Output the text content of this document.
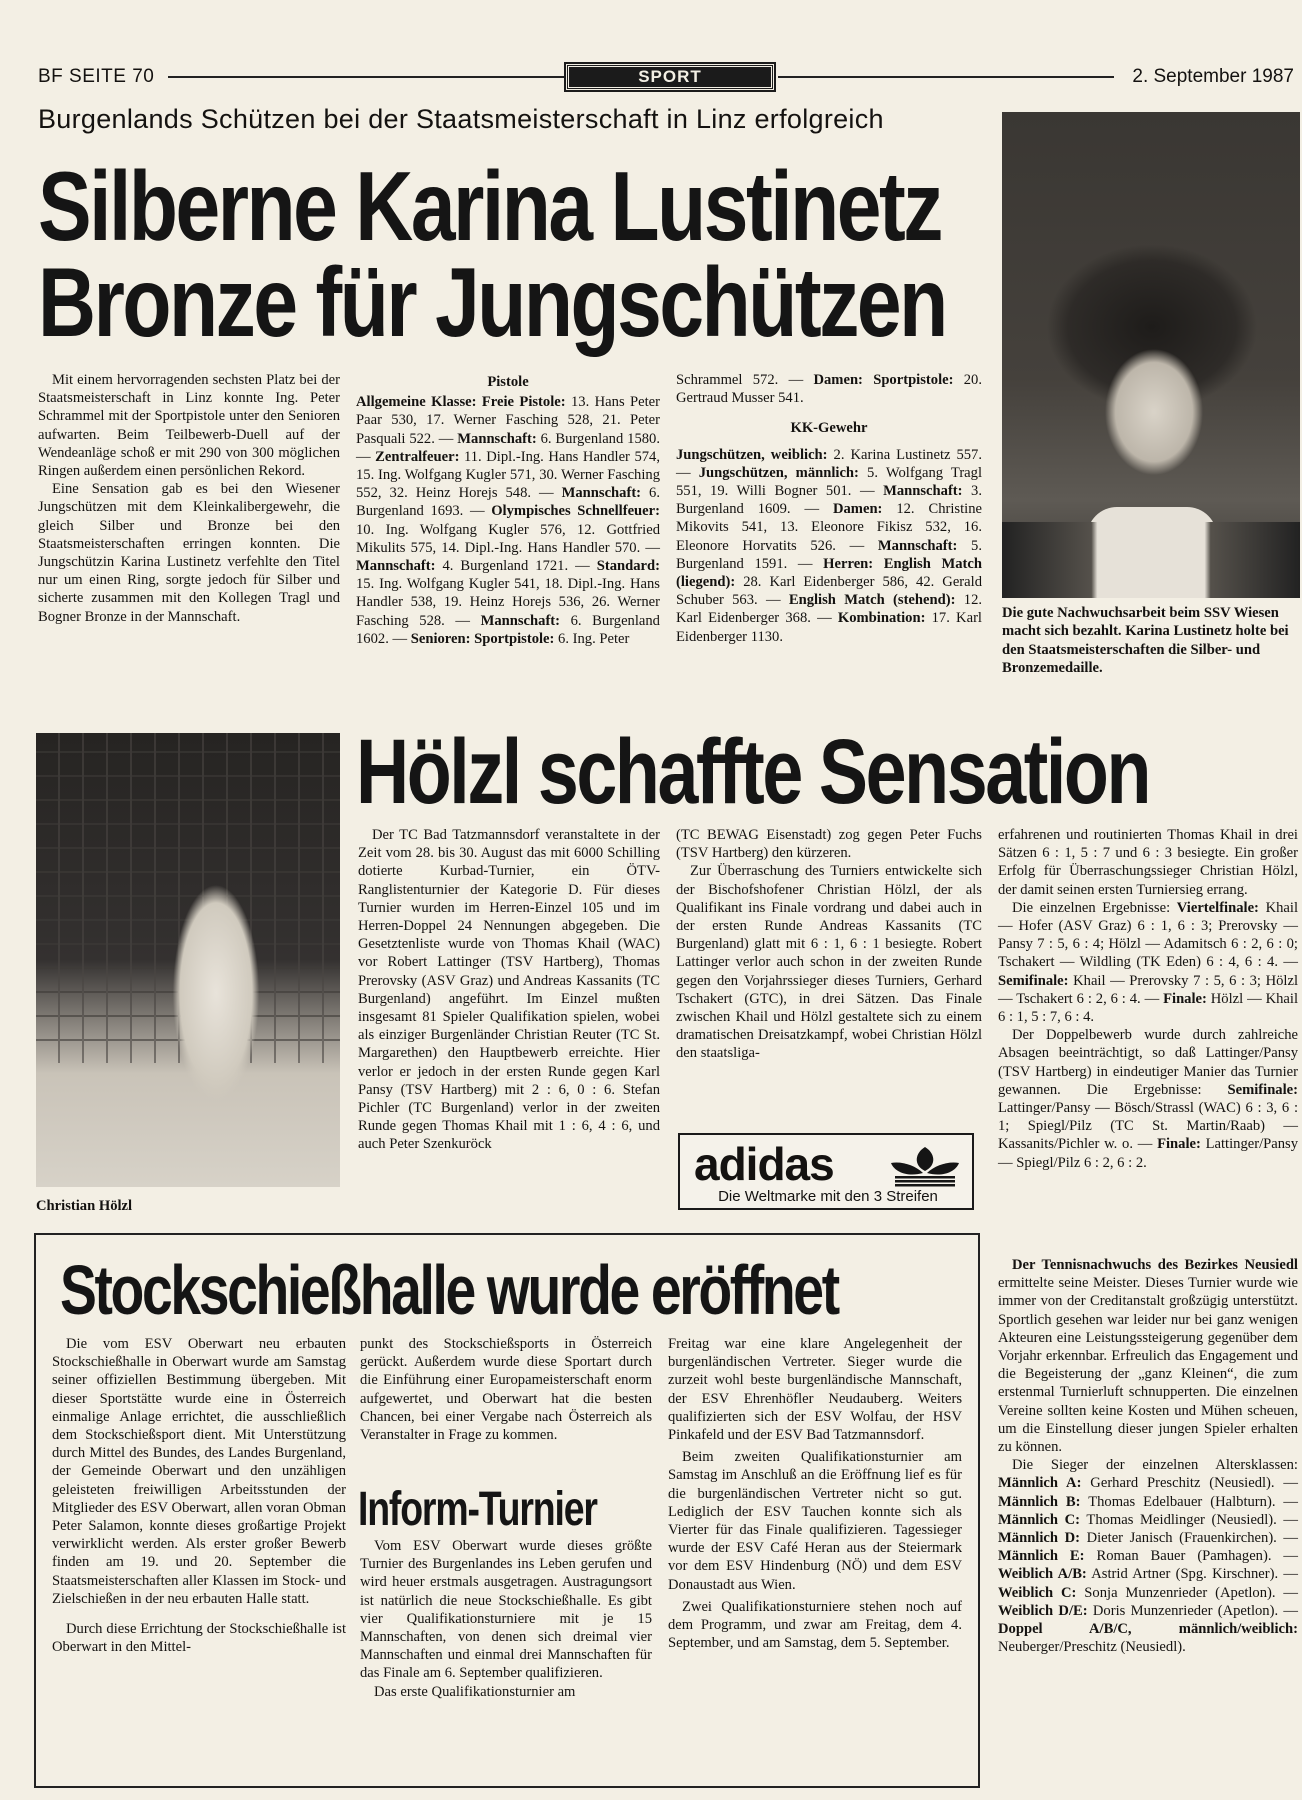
BF SEITE 70	SPORT	2. September 1987
Burgenlands Schützen bei der Staatsmeisterschaft in Linz erfolgreich
Silberne Karina Lustinetz
Bronze für Jungschützen

Mit einem hervorragenden sechsten Platz bei der Staatsmeisterschaft in Linz konnte Ing. Peter Schrammel mit der Sportpistole unter den Senioren aufwarten. Beim Teilbewerb-Duell auf der Wendeanläge schoß er mit 290 von 300 möglichen Ringen außerdem einen persönlichen Rekord.

Eine Sensation gab es bei den Wiesener Jungschützen mit dem Kleinkalibergewehr, die gleich Silber und Bronze bei den Staatsmeisterschaften erringen konnten. Die Jungschützin Karina Lustinetz verfehlte den Titel nur um einen Ring, sorgte jedoch für Silber und sicherte zusammen mit den Kollegen Tragl und Bogner Bronze in der Mannschaft.

Pistole

Allgemeine Klasse: Freie Pistole: 13. Hans Peter Paar 530, 17. Werner Fasching 528, 21. Peter Pasquali 522. — Mannschaft: 6. Burgenland 1580. — Zentralfeuer: 11. Dipl.-Ing. Hans Handler 574, 15. Ing. Wolfgang Kugler 571, 30. Werner Fasching 552, 32. Heinz Horejs 548. — Mannschaft: 6. Burgenland 1693. — Olympisches Schnellfeuer: 10. Ing. Wolfgang Kugler 576, 12. Gottfried Mikulits 575, 14. Dipl.-Ing. Hans Handler 570. — Mannschaft: 4. Burgenland 1721. — Standard: 15. Ing. Wolfgang Kugler 541, 18. Dipl.-Ing. Hans Handler 538, 19. Heinz Horejs 536, 26. Werner Fasching 528. — Mannschaft: 6. Burgenland 1602. — Senioren: Sportpistole: 6. Ing. Peter

Schrammel 572. — Damen: Sportpistole: 20. Gertraud Musser 541.

KK-Gewehr

Jungschützen, weiblich: 2. Karina Lustinetz 557. — Jungschützen, männlich: 5. Wolfgang Tragl 551, 19. Willi Bogner 501. — Mannschaft: 3. Burgenland 1609. — Damen: 12. Christine Mikovits 541, 13. Eleonore Fikisz 532, 16. Eleonore Horvatits 526. — Mannschaft: 5. Burgenland 1591. — Herren: English Match (liegend): 28. Karl Eidenberger 586, 42. Gerald Schuber 563. — English Match (stehend): 12. Karl Eidenberger 368. — Kombination: 17. Karl Eidenberger 1130.

Die gute Nachwuchsarbeit beim SSV Wiesen macht sich bezahlt. Karina Lustinetz holte bei den Staatsmeisterschaften die Silber- und Bronzemedaille.
Christian Hölzl
Hölzl schaffte Sensation

Der TC Bad Tatzmannsdorf veranstaltete in der Zeit vom 28. bis 30. August das mit 6000 Schilling dotierte Kurbad-Turnier, ein ÖTV-Ranglistenturnier der Kategorie D. Für dieses Turnier wurden im Herren-Einzel 105 und im Herren-Doppel 24 Nennungen abgegeben. Die Gesetztenliste wurde von Thomas Khail (WAC) vor Robert Lattinger (TSV Hartberg), Thomas Prerovsky (ASV Graz) und Andreas Kassanits (TC Burgenland) angeführt. Im Einzel mußten insgesamt 81 Spieler Qualifikation spielen, wobei als einziger Burgenländer Christian Reuter (TC St. Margarethen) den Hauptbewerb erreichte. Hier verlor er jedoch in der ersten Runde gegen Karl Pansy (TSV Hartberg) mit 2 : 6, 0 : 6. Stefan Pichler (TC Burgenland) verlor in der zweiten Runde gegen Thomas Khail mit 1 : 6, 4 : 6, und auch Peter Szenkuröck

(TC BEWAG Eisenstadt) zog gegen Peter Fuchs (TSV Hartberg) den kürzeren.

Zur Überraschung des Turniers entwickelte sich der Bischofshofener Christian Hölzl, der als Qualifikant ins Finale vordrang und dabei auch in der ersten Runde Andreas Kassanits (TC Burgenland) glatt mit 6 : 1, 6 : 1 besiegte. Robert Lattinger verlor auch schon in der zweiten Runde gegen den Vorjahrssieger dieses Turniers, Gerhard Tschakert (GTC), in drei Sätzen. Das Finale zwischen Khail und Hölzl gestaltete sich zu einem dramatischen Dreisatzkampf, wobei Christian Hölzl den staatsliga-

adidas
Die Weltmarke mit den 3 Streifen

erfahrenen und routinierten Thomas Khail in drei Sätzen 6 : 1, 5 : 7 und 6 : 3 besiegte. Ein großer Erfolg für Überraschungssieger Christian Hölzl, der damit seinen ersten Turniersieg errang.

Die einzelnen Ergebnisse: Viertelfinale: Khail — Hofer (ASV Graz) 6 : 1, 6 : 3; Prerovsky — Pansy 7 : 5, 6 : 4; Hölzl — Adamitsch 6 : 2, 6 : 0; Tschakert — Wildling (TK Eden) 6 : 4, 6 : 4. — Semifinale: Khail — Prerovsky 7 : 5, 6 : 3; Hölzl — Tschakert 6 : 2, 6 : 4. — Finale: Hölzl — Khail 6 : 1, 5 : 7, 6 : 4.

Der Doppelbewerb wurde durch zahlreiche Absagen beeinträchtigt, so daß Lattinger/Pansy (TSV Hartberg) in eindeutiger Manier das Turnier gewannen. Die Ergebnisse: Semifinale: Lattinger/Pansy — Bösch/Strassl (WAC) 6 : 3, 6 : 1; Spiegl/Pilz (TC St. Martin/Raab) — Kassanits/Pichler w. o. — Finale: Lattinger/Pansy — Spiegl/Pilz 6 : 2, 6 : 2.

Stockschießhalle wurde eröffnet

Die vom ESV Oberwart neu erbauten Stockschießhalle in Oberwart wurde am Samstag seiner offiziellen Bestimmung übergeben. Mit dieser Sportstätte wurde eine in Österreich einmalige Anlage errichtet, die ausschließlich dem Stockschießsport dient. Mit Unterstützung durch Mittel des Bundes, des Landes Burgenland, der Gemeinde Oberwart und den unzähligen geleisteten freiwilligen Arbeitsstunden der Mitglieder des ESV Oberwart, allen voran Obman Peter Salamon, konnte dieses großartige Projekt verwirklicht werden. Als erster großer Bewerb finden am 19. und 20. September die Staatsmeisterschaften aller Klassen im Stock- und Zielschießen in der neu erbauten Halle statt.

Durch diese Errichtung der Stockschießhalle ist Oberwart in den Mittel-

punkt des Stockschießsports in Österreich gerückt. Außerdem wurde diese Sportart durch die Einführung einer Europameisterschaft enorm aufgewertet, und Oberwart hat die besten Chancen, bei einer Vergabe nach Österreich als Veranstalter in Frage zu kommen.

Inform-Turnier

Vom ESV Oberwart wurde dieses größte Turnier des Burgenlandes ins Leben gerufen und wird heuer erstmals ausgetragen. Austragungsort ist natürlich die neue Stockschießhalle. Es gibt vier Qualifikationsturniere mit je 15 Mannschaften, von denen sich dreimal vier Mannschaften und einmal drei Mannschaften für das Finale am 6. September qualifizieren.

Das erste Qualifikationsturnier am

Freitag war eine klare Angelegenheit der burgenländischen Vertreter. Sieger wurde die zurzeit wohl beste burgenländische Mannschaft, der ESV Ehrenhöfler Neudauberg. Weiters qualifizierten sich der ESV Wolfau, der HSV Pinkafeld und der ESV Bad Tatzmannsdorf.

Beim zweiten Qualifikationsturnier am Samstag im Anschluß an die Eröffnung lief es für die burgenländischen Vertreter nicht so gut. Lediglich der ESV Tauchen konnte sich als Vierter für das Finale qualifizieren. Tagessieger wurde der ESV Café Heran aus der Steiermark vor dem ESV Hindenburg (NÖ) und dem ESV Donaustadt aus Wien.

Zwei Qualifikationsturniere stehen noch auf dem Programm, und zwar am Freitag, dem 4. September, und am Samstag, dem 5. September.

Der Tennisnachwuchs des Bezirkes Neusiedl ermittelte seine Meister. Dieses Turnier wurde wie immer von der Creditanstalt großzügig unterstützt. Sportlich gesehen war leider nur bei ganz wenigen Akteuren eine Leistungssteigerung gegenüber dem Vorjahr erkennbar. Erfreulich das Engagement und die Begeisterung der „ganz Kleinen“, die zum erstenmal Turnierluft schnupperten. Die einzelnen Vereine sollten keine Kosten und Mühen scheuen, um die Einstellung dieser jungen Spieler erhalten zu können.

Die Sieger der einzelnen Altersklassen: Männlich A: Gerhard Preschitz (Neusiedl). — Männlich B: Thomas Edelbauer (Halbturn). — Männlich C: Thomas Meidlinger (Neusiedl). — Männlich D: Dieter Janisch (Frauenkirchen). — Männlich E: Roman Bauer (Pamhagen). — Weiblich A/B: Astrid Artner (Spg. Kirschner). — Weiblich C: Sonja Munzenrieder (Apetlon). — Weiblich D/E: Doris Munzenrieder (Apetlon). — Doppel A/B/C, männlich/weiblich: Neuberger/Preschitz (Neusiedl).
